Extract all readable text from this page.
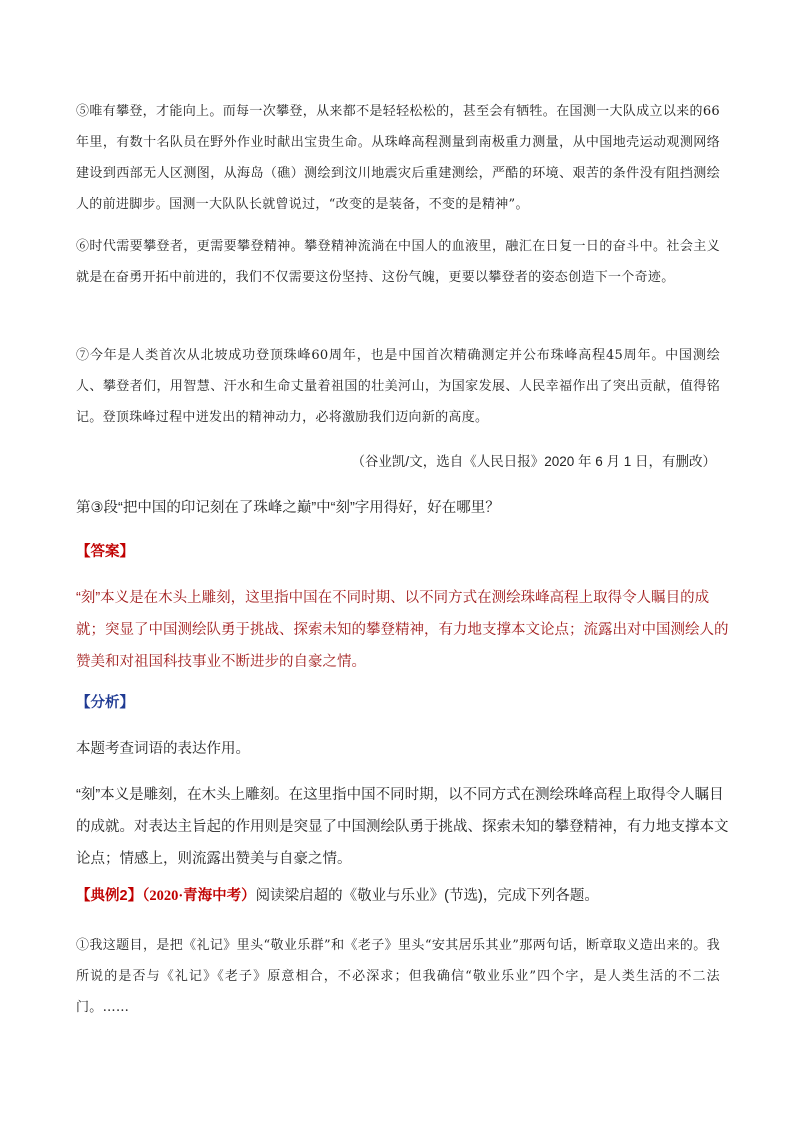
⑤唯有攀登，才能向上。而每一次攀登，从来都不是轻轻松松的，甚至会有牺牲。在国测一大队成立以来的66年里，有数十名队员在野外作业时献出宝贵生命。从珠峰高程测量到南极重力测量，从中国地壳运动观测网络建设到西部无人区测图，从海岛（礁）测绘到汶川地震灾后重建测绘，严酷的环境、艰苦的条件没有阻挡测绘人的前进脚步。国测一大队队长就曾说过，“改变的是装备，不变的是精神”。
⑥时代需要攀登者，更需要攀登精神。攀登精神流淌在中国人的血液里，融汇在日复一日的奋斗中。社会主义就是在奋勇开拓中前进的，我们不仅需要这份坚持、这份气魄，更要以攀登者的姿态创造下一个奇迹。
⑦今年是人类首次从北坡成功登顶珠峰60周年，也是中国首次精确测定并公布珠峰高程45周年。中国测绘人、攀登者们，用智慧、汗水和生命丈量着祖国的壮美河山，为国家发展、人民幸福作出了突出贡献，值得铭记。登顶珠峰过程中迸发出的精神动力，必将激励我们迈向新的高度。
（谷业凯/文，选自《人民日报》2020 年 6 月 1 日，有删改）
第③段“把中国的印记刻在了珠峰之巅”中“刻”字用得好，好在哪里？
【答案】
“刻”本义是在木头上雕刻，这里指中国在不同时期、以不同方式在测绘珠峰高程上取得令人瞩目的成就；突显了中国测绘队勇于挑战、探索未知的攀登精神，有力地支撑本文论点；流露出对中国测绘人的赞美和对祖国科技事业不断进步的自豪之情。
【分析】
本题考查词语的表达作用。
“刻”本义是雕刻，在木头上雕刻。在这里指中国不同时期，以不同方式在测绘珠峰高程上取得令人瞩目的成就。对表达主旨起的作用则是突显了中国测绘队勇于挑战、探索未知的攀登精神，有力地支撑本文论点；情感上，则流露出赞美与自豪之情。
【典例2】（2020·青海中考）阅读梁启超的《敬业与乐业》(节选)，完成下列各题。
①我这题目，是把《礼记》里头“敬业乐群”和《老子》里头“安其居乐其业”那两句话，断章取义造出来的。我所说的是否与《礼记》《老子》原意相合，不必深求；但我确信“敬业乐业”四个字，是人类生活的不二法门。……
